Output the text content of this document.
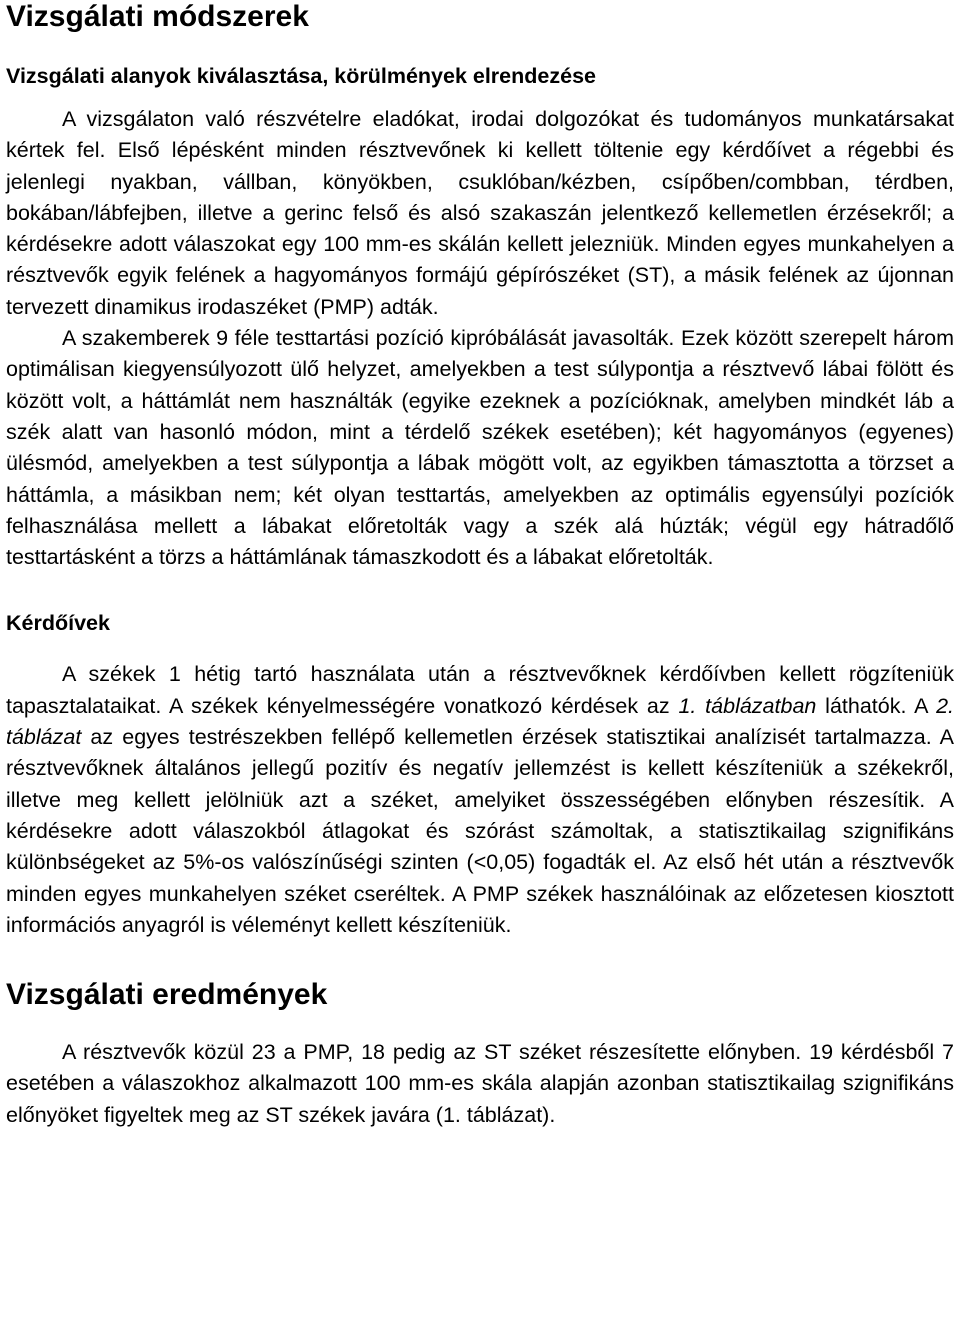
Vizsgálati módszerek
Vizsgálati alanyok kiválasztása, körülmények elrendezése

A vizsgálaton való részvételre eladókat, irodai dolgozókat és tudományos munkatársakat kértek fel. Első lépésként minden résztvevőnek ki kellett töltenie egy kérdőívet a régebbi és jelenlegi nyakban, vállban, könyökben, csuklóban/kézben, csípőben/combban, térdben, bokában/lábfejben, illetve a gerinc felső és alsó szakaszán jelentkező kellemetlen érzésekről; a kérdésekre adott válaszokat egy 100 mm-es skálán kellett jelezniük. Minden egyes munkahelyen a résztvevők egyik felének a hagyományos formájú gépírószéket (ST), a másik felének az újonnan tervezett dinamikus irodaszéket (PMP) adták.

A szakemberek 9 féle testtartási pozíció kipróbálását javasolták. Ezek között szerepelt három optimálisan kiegyensúlyozott ülő helyzet, amelyekben a test súlypontja a résztvevő lábai fölött és között volt, a háttámlát nem használták (egyike ezeknek a pozícióknak, amelyben mindkét láb a szék alatt van hasonló módon, mint a térdelő székek esetében); két hagyományos (egyenes) ülésmód, amelyekben a test súlypontja a lábak mögött volt, az egyikben támasztotta a törzset a háttámla, a másikban nem; két olyan testtartás, amelyekben az optimális egyensúlyi pozíciók felhasználása mellett a lábakat előretolták vagy a szék alá húzták; végül egy hátradőlő testtartásként a törzs a háttámlának támaszkodott és a lábakat előretolták.

Kérdőívek

A székek 1 hétig tartó használata után a résztvevőknek kérdőívben kellett rögzíteniük tapasztalataikat. A székek kényelmességére vonatkozó kérdések az 1. táblázatban láthatók. A 2. táblázat az egyes testrészekben fellépő kellemetlen érzések statisztikai analízisét tartalmazza. A résztvevőknek általános jellegű pozitív és negatív jellemzést is kellett készíteniük a székekről, illetve meg kellett jelölniük azt a széket, amelyiket összességében előnyben részesítik. A kérdésekre adott válaszokból átlagokat és szórást számoltak, a statisztikailag szignifikáns különbségeket az 5%-os valószínűségi szinten (<0,05) fogadták el. Az első hét után a résztvevők minden egyes munkahelyen széket cseréltek. A PMP székek használóinak az előzetesen kiosztott információs anyagról is véleményt kellett készíteniük.

Vizsgálati eredmények

A résztvevők közül 23 a PMP, 18 pedig az ST széket részesítette előnyben. 19 kérdésből 7 esetében a válaszokhoz alkalmazott 100 mm-es skála alapján azonban statisztikailag szignifikáns előnyöket figyeltek meg az ST székek javára (1. táblázat).
